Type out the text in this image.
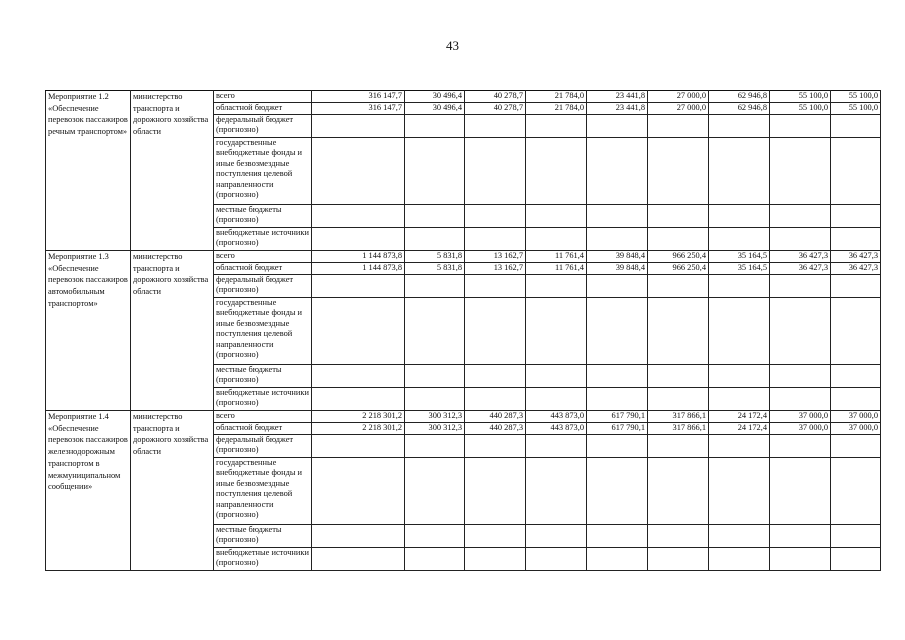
43
Мероприятие 1.2 «Обеспечение перевозок пассажиров речным транспортом»	министерство транспорта и дорожного хозяйства области	всего	316 147,7	30 496,4	40 278,7	21 784,0	23 441,8	27 000,0	62 946,8	55 100,0	55 100,0
		областной бюджет	316 147,7	30 496,4	40 278,7	21 784,0	23 441,8	27 000,0	62 946,8	55 100,0	55 100,0
		федеральный бюджет (прогнозно)									
		государственные внебюджетные фонды и иные безвозмездные поступления целевой направленности (прогнозно)									
		местные бюджеты (прогнозно)									
		внебюджетные источники (прогнозно)									
Мероприятие 1.3 «Обеспечение перевозок пассажиров автомобильным транспортом»	министерство транспорта и дорожного хозяйства области	всего	1 144 873,8	5 831,8	13 162,7	11 761,4	39 848,4	966 250,4	35 164,5	36 427,3	36 427,3
		областной бюджет	1 144 873,8	5 831,8	13 162,7	11 761,4	39 848,4	966 250,4	35 164,5	36 427,3	36 427,3
		федеральный бюджет (прогнозно)									
		государственные внебюджетные фонды и иные безвозмездные поступления целевой направленности (прогнозно)									
		местные бюджеты (прогнозно)									
		внебюджетные источники (прогнозно)									
Мероприятие 1.4 «Обеспечение перевозок пассажиров железнодорожным транспортом в межмуниципальном сообщении»	министерство транспорта и дорожного хозяйства области	всего	2 218 301,2	300 312,3	440 287,3	443 873,0	617 790,1	317 866,1	24 172,4	37 000,0	37 000,0
		областной бюджет	2 218 301,2	300 312,3	440 287,3	443 873,0	617 790,1	317 866,1	24 172,4	37 000,0	37 000,0
		федеральный бюджет (прогнозно)									
		государственные внебюджетные фонды и иные безвозмездные поступления целевой направленности (прогнозно)									
		местные бюджеты (прогнозно)									
		внебюджетные источники (прогнозно)									
